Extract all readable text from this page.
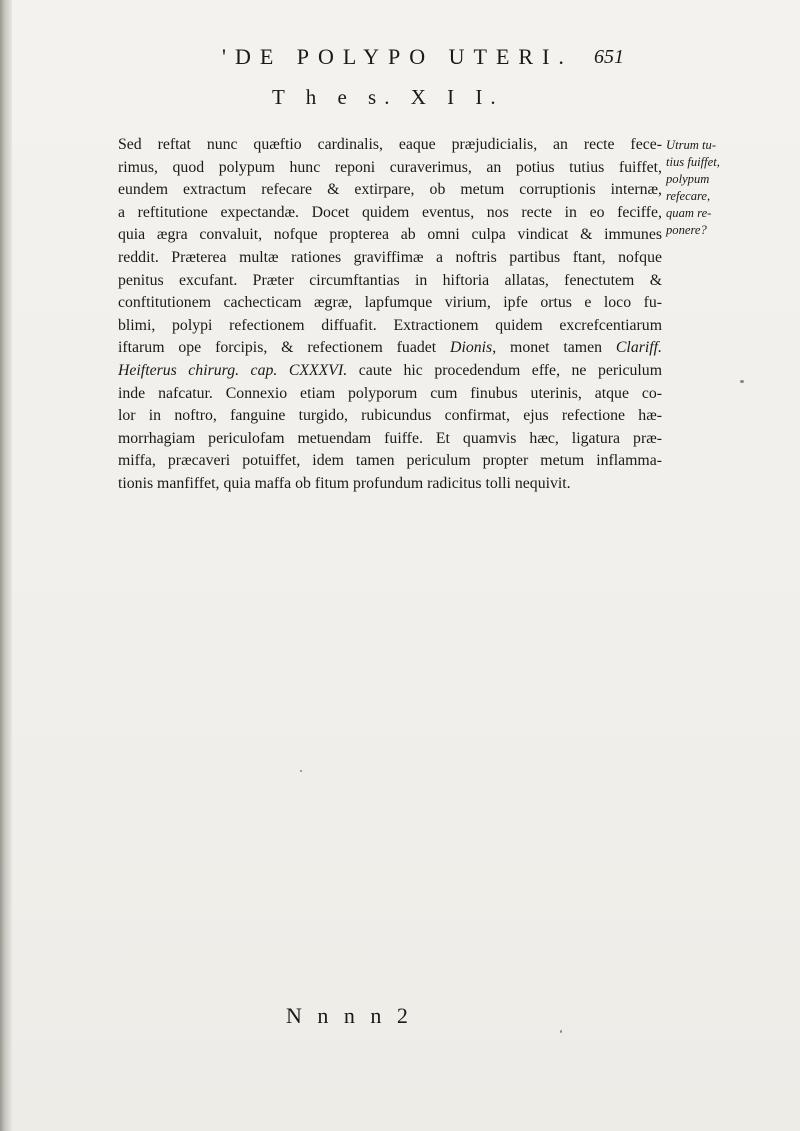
'DE POLYPO UTERI. 651
T h e s. X I I.
Sed reftat nunc quæftio cardinalis, eaque præjudicialis, an recte fece-
rimus, quod polypum hunc reponi curaverimus, an potius tutius fuiffet,
eundem extractum refecare & extirpare, ob metum corruptionis internæ,
a reftitutione expectandæ. Docet quidem eventus, nos recte in eo feciffe,
quia ægra convaluit, nofque propterea ab omni culpa vindicat & immunes
reddit. Præterea multæ rationes graviffimæ a noftris partibus ftant, nofque
penitus excufant. Præter circumftantias in hiftoria allatas, fenectutem &
conftitutionem cachecticam ægræ, lapfumque virium, ipfe ortus e loco fu-
blimi, polypi refectionem diffuafit. Extractionem quidem excrefcentiarum
iftarum ope forcipis, & refectionem fuadet Dionis, monet tamen Clariff.
Heifterus chirurg. cap. CXXXVI. caute hic procedendum effe, ne periculum
inde nafcatur. Connexio etiam polyporum cum finubus uterinis, atque co-
lor in noftro, fanguine turgido, rubicundus confirmat, ejus refectione hæ-
morrhagiam periculofam metuendam fuiffe. Et quamvis hæc, ligatura præ-
miffa, præcaveri potuiffet, idem tamen periculum propter metum inflamma-
tionis manfiffet, quia maffa ob fitum profundum radicitus tolli nequivit.
Utrum tu-
tius fuiffet,
polypum
refecare,
quam re-
ponere?
N n n n 2
